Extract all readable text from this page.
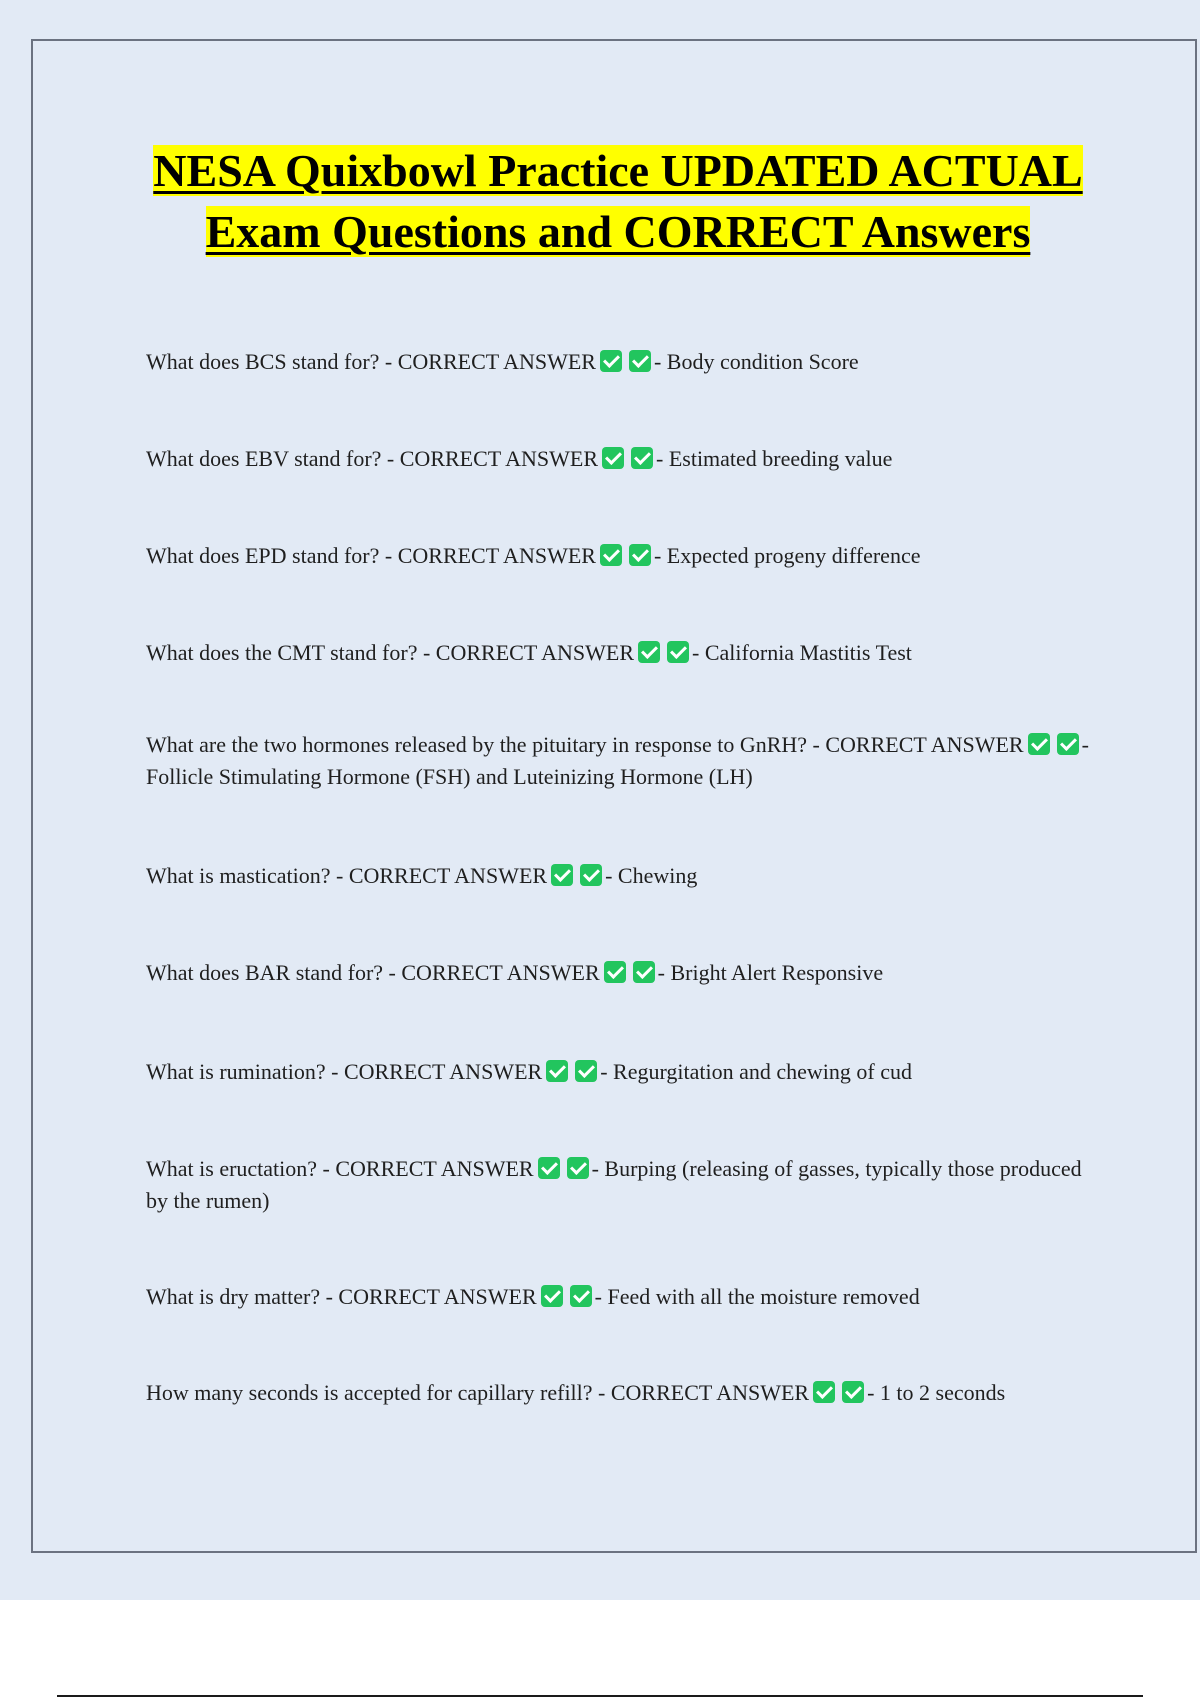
NESA Quixbowl Practice UPDATED ACTUAL Exam Questions and CORRECT Answers
What does BCS stand for? - CORRECT ANSWER	- Body condition Score
What does EBV stand for? - CORRECT ANSWER	- Estimated breeding value
What does EPD stand for? - CORRECT ANSWER	- Expected progeny difference
What does the CMT stand for? - CORRECT ANSWER	- California Mastitis Test
What are the two hormones released by the pituitary in response to GnRH? - CORRECT ANSWER	- Follicle Stimulating Hormone (FSH) and Luteinizing Hormone (LH)
What is mastication? - CORRECT ANSWER	- Chewing
What does BAR stand for? - CORRECT ANSWER	- Bright Alert Responsive
What is rumination? - CORRECT ANSWER	- Regurgitation and chewing of cud
What is eructation? - CORRECT ANSWER	- Burping (releasing of gasses, typically those produced by the rumen)
What is dry matter? - CORRECT ANSWER	- Feed with all the moisture removed
How many seconds is accepted for capillary refill? - CORRECT ANSWER	- 1 to 2 seconds
